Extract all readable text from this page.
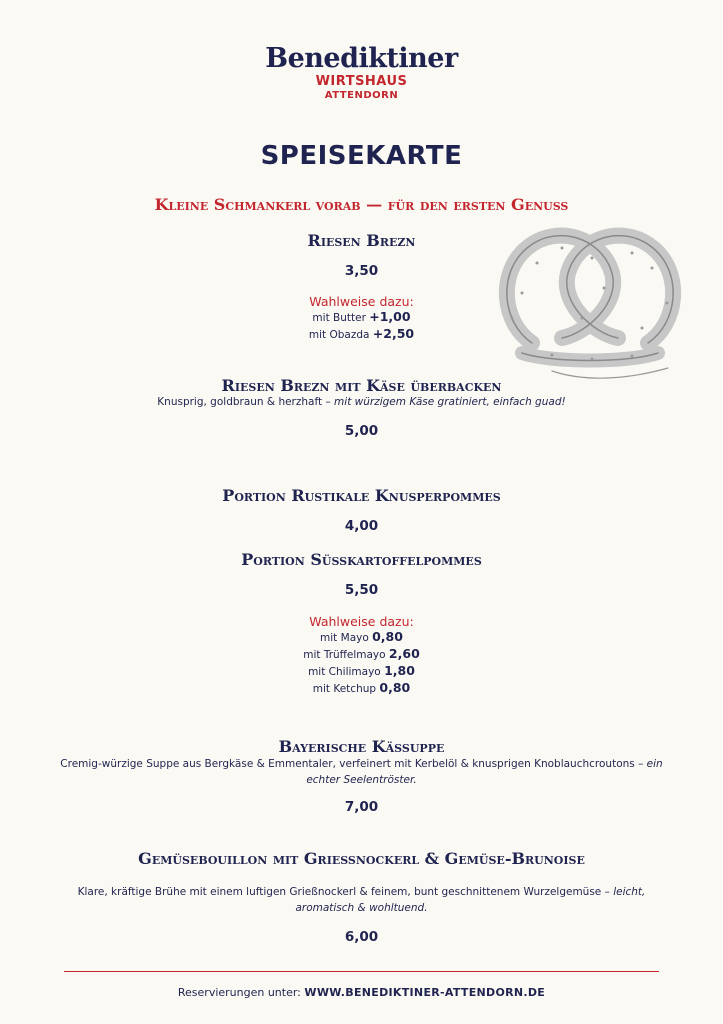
Benediktiner
WIRTSHAUS
ATTENDORN
SPEISEKARTE
Kleine Schmankerl vorab — für den ersten Genuss
Riesen Brezn
3,50
Wahlweise dazu:
mit Butter +1,00
mit Obazda +2,50
Riesen Brezn mit Käse überbacken
Knusprig, goldbraun & herzhaft – mit würzigem Käse gratiniert, einfach guad!
5,00
Portion Rustikale Knusperpommes
4,00
Portion Süsskartoffelpommes
5,50
Wahlweise dazu:
mit Mayo 0,80
mit Trüffelmayo 2,60
mit Chilimayo 1,80
mit Ketchup 0,80
Bayerische Kässuppe
Cremig-würzige Suppe aus Bergkäse & Emmentaler, verfeinert mit Kerbelöl & knusprigen Knoblauchcroutons – ein echter Seelentröster.
7,00
Gemüsebouillon mit Griessnockerl & Gemüse-Brunoise
Klare, kräftige Brühe mit einem luftigen Grießnockerl & feinem, bunt geschnittenem Wurzelgemüse – leicht, aromatisch & wohltuend.
6,00
Reservierungen unter: WWW.BENEDIKTINER-ATTENDORN.DE
